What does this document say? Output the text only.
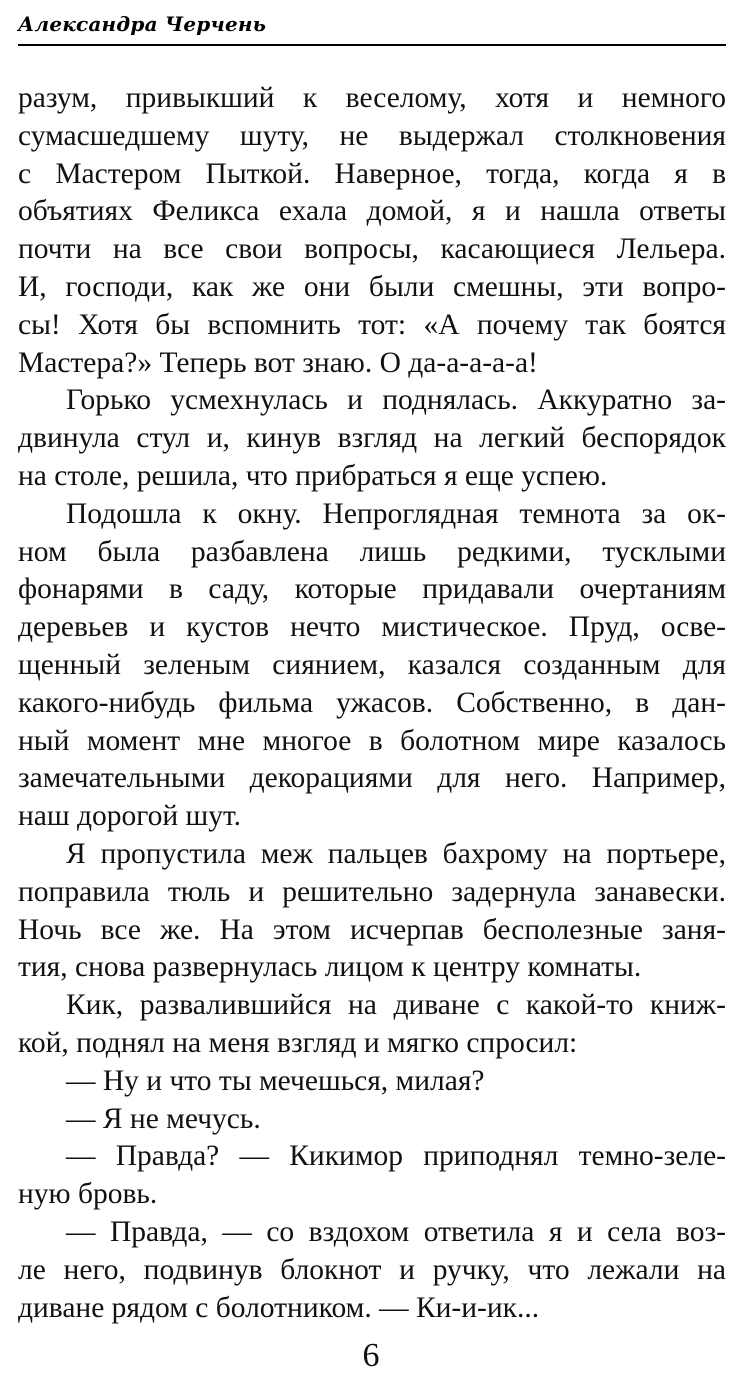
Александра Черчень
разум, привыкший к веселому, хотя и немного
сумасшедшему шуту, не выдержал столкновения
с Мастером Пыткой. Наверное, тогда, когда я в
объятиях Феликса ехала домой, я и нашла ответы
почти на все свои вопросы, касающиеся Лельера.
И, господи, как же они были смешны, эти вопро-
сы! Хотя бы вспомнить тот: «А почему так боятся
Мастера?» Теперь вот знаю. О да-а-а-а-а!
Горько усмехнулась и поднялась. Аккуратно за-
двинула стул и, кинув взгляд на легкий беспорядок
на столе, решила, что прибраться я еще успею.
Подошла к окну. Непроглядная темнота за ок-
ном была разбавлена лишь редкими, тусклыми
фонарями в саду, которые придавали очертаниям
деревьев и кустов нечто мистическое. Пруд, осве-
щенный зеленым сиянием, казался созданным для
какого-нибудь фильма ужасов. Собственно, в дан-
ный момент мне многое в болотном мире казалось
замечательными декорациями для него. Например,
наш дорогой шут.
Я пропустила меж пальцев бахрому на портьере,
поправила тюль и решительно задернула занавески.
Ночь все же. На этом исчерпав бесполезные заня-
тия, снова развернулась лицом к центру комнаты.
Кик, развалившийся на диване с какой-то книж-
кой, поднял на меня взгляд и мягко спросил:
— Ну и что ты мечешься, милая?
— Я не мечусь.
— Правда? — Кикимор приподнял темно-зеле-
ную бровь.
— Правда, — со вздохом ответила я и села воз-
ле него, подвинув блокнот и ручку, что лежали на
диване рядом с болотником. — Ки-и-ик...
6
